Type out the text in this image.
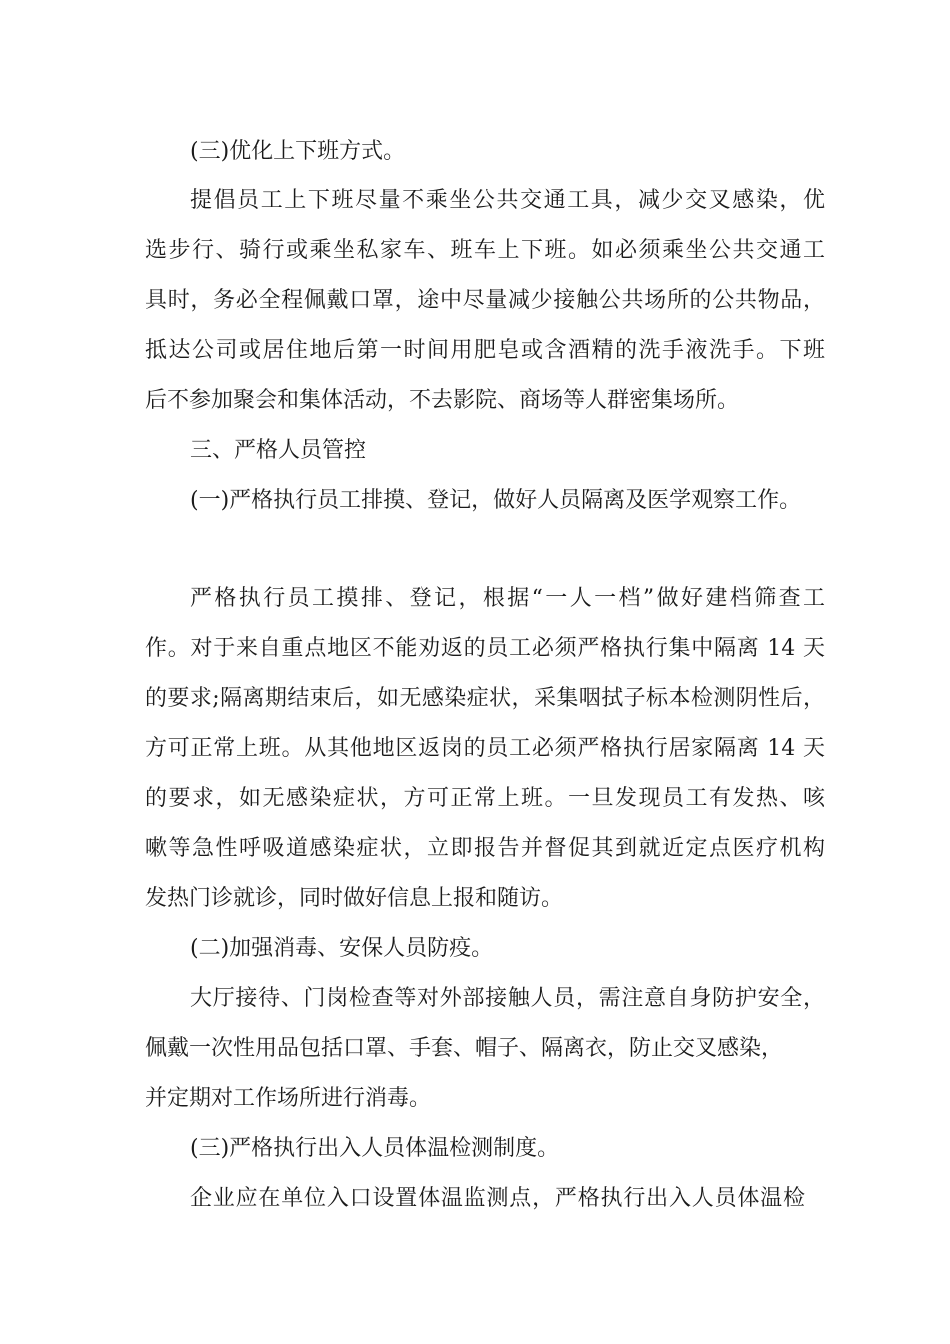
(三)优化上下班方式。
提倡员工上下班尽量不乘坐公共交通工具，减少交叉感染，优
选步行、骑行或乘坐私家车、班车上下班。如必须乘坐公共交通工
具时，务必全程佩戴口罩，途中尽量减少接触公共场所的公共物品，
抵达公司或居住地后第一时间用肥皂或含酒精的洗手液洗手。下班
后不参加聚会和集体活动，不去影院、商场等人群密集场所。
三、严格人员管控
(一)严格执行员工排摸、登记，做好人员隔离及医学观察工作。
严格执行员工摸排、登记，根据“一人一档”做好建档筛查工
作。对于来自重点地区不能劝返的员工必须严格执行集中隔离 14 天
的要求;隔离期结束后，如无感染症状，采集咽拭子标本检测阴性后，
方可正常上班。从其他地区返岗的员工必须严格执行居家隔离 14 天
的要求，如无感染症状，方可正常上班。一旦发现员工有发热、咳
嗽等急性呼吸道感染症状，立即报告并督促其到就近定点医疗机构
发热门诊就诊，同时做好信息上报和随访。
(二)加强消毒、安保人员防疫。
大厅接待、门岗检查等对外部接触人员，需注意自身防护安全，
佩戴一次性用品包括口罩、手套、帽子、隔离衣，防止交叉感染，
并定期对工作场所进行消毒。
(三)严格执行出入人员体温检测制度。
企业应在单位入口设置体温监测点，严格执行出入人员体温检
